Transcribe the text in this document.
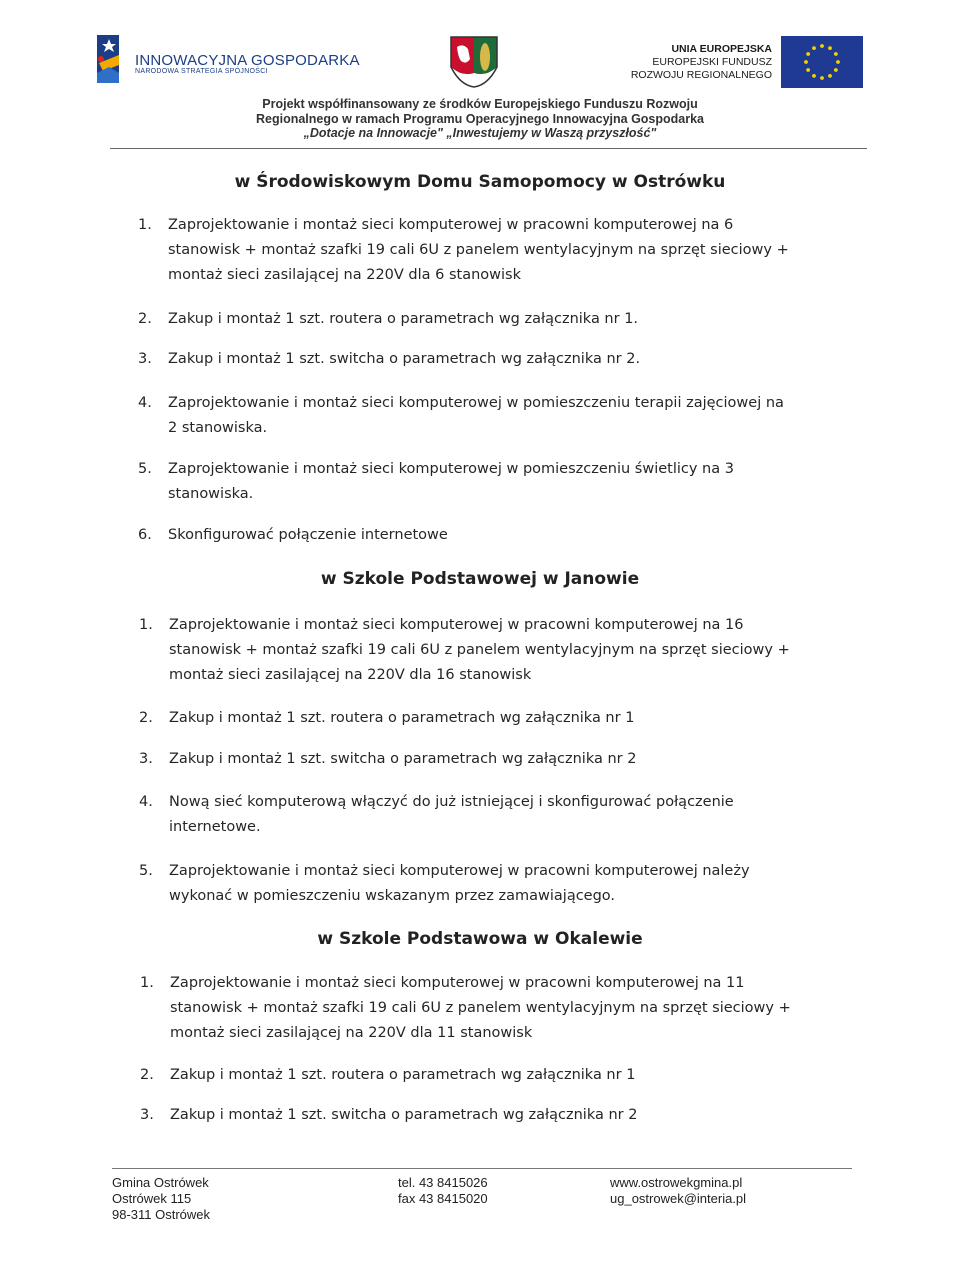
INNOWACYJNA GOSPODARKA
NARODOWA STRATEGIA SPÓJNOŚCI
UNIA EUROPEJSKA
EUROPEJSKI FUNDUSZ
ROZWOJU REGIONALNEGO
Projekt współfinansowany ze środków Europejskiego Funduszu Rozwoju
Regionalnego w ramach Programu Operacyjnego Innowacyjna Gospodarka
„Dotacje na Innowacje" „Inwestujemy w Waszą przyszłość"
w Środowiskowym Domu Samopomocy w Ostrówku
1.	Zaprojektowanie i montaż sieci komputerowej w pracowni komputerowej na 6
stanowisk + montaż szafki 19 cali 6U z panelem wentylacyjnym na sprzęt sieciowy +
montaż sieci zasilającej na 220V dla 6 stanowisk
2.	Zakup i montaż 1 szt. routera o parametrach wg załącznika nr 1.
3.	Zakup i montaż 1 szt. switcha o parametrach wg załącznika nr 2.
4.	Zaprojektowanie i montaż sieci komputerowej w pomieszczeniu terapii zajęciowej na
2 stanowiska.
5.	Zaprojektowanie i montaż sieci komputerowej w pomieszczeniu świetlicy na 3
stanowiska.
6.	Skonfigurować połączenie internetowe
w Szkole Podstawowej w Janowie
1.	Zaprojektowanie i montaż sieci komputerowej w pracowni komputerowej na 16
stanowisk + montaż szafki 19 cali 6U z panelem wentylacyjnym na sprzęt sieciowy +
montaż sieci zasilającej na 220V dla 16 stanowisk
2.	Zakup i montaż 1 szt. routera o parametrach wg załącznika nr 1
3.	Zakup i montaż 1 szt. switcha o parametrach wg załącznika nr 2
4.	Nową sieć komputerową włączyć do już istniejącej i skonfigurować połączenie
internetowe.
5.	Zaprojektowanie i montaż sieci komputerowej w pracowni komputerowej należy
wykonać w pomieszczeniu wskazanym przez zamawiającego.
w Szkole Podstawowa w Okalewie
1.	Zaprojektowanie i montaż sieci komputerowej w pracowni komputerowej na 11
stanowisk + montaż szafki 19 cali 6U z panelem wentylacyjnym na sprzęt sieciowy +
montaż sieci zasilającej na 220V dla 11 stanowisk
2.	Zakup i montaż 1 szt. routera o parametrach wg załącznika nr 1
3.	Zakup i montaż 1 szt. switcha o parametrach wg załącznika nr 2
Gmina Ostrówek
Ostrówek 115
98-311 Ostrówek
tel. 43 8415026
fax 43 8415020
www.ostrowekgmina.pl
ug_ostrowek@interia.pl
